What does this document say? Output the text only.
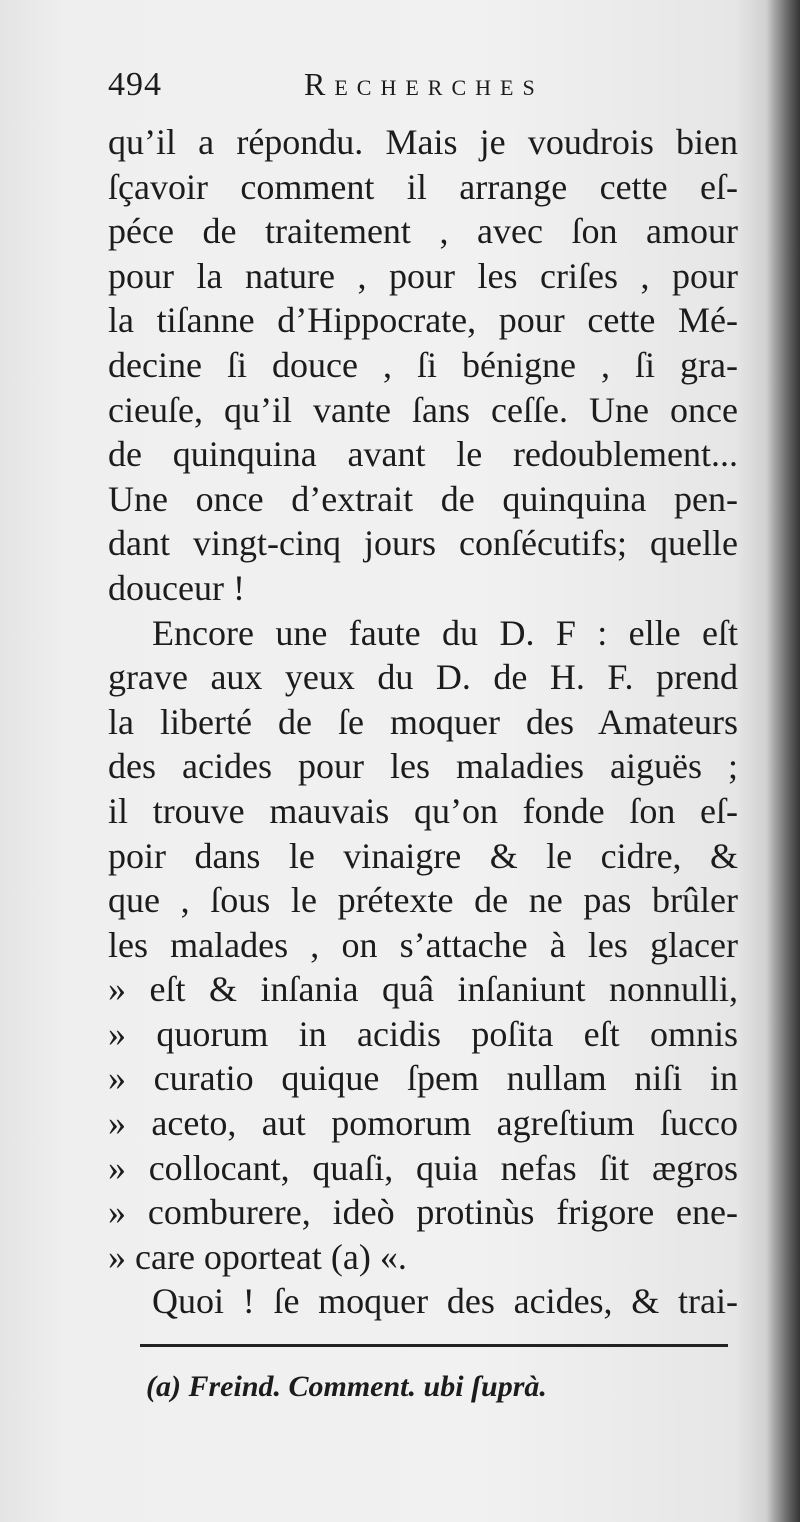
494	Recherches
qu’il a répondu. Mais je voudrois bien
ſçavoir comment il arrange cette eſ-
péce de traitement , avec ſon amour
pour la nature , pour les criſes , pour
la tiſanne d’Hippocrate, pour cette Mé-
decine ſi douce , ſi bénigne , ſi gra-
cieuſe, qu’il vante ſans ceſſe. Une once
de quinquina avant le redoublement...
Une once d’extrait de quinquina pen-
dant vingt-cinq jours conſécutifs; quelle
douceur !
Encore une faute du D. F : elle eſt
grave aux yeux du D. de H. F. prend
la liberté de ſe moquer des Amateurs
des acides pour les maladies aiguës ;
il trouve mauvais qu’on fonde ſon eſ-
poir dans le vinaigre & le cidre, &
que , ſous le prétexte de ne pas brûler
les malades , on s’attache à les glacer
» eſt & inſania quâ inſaniunt nonnulli,
» quorum in acidis poſita eſt omnis
» curatio quique ſpem nullam niſi in
» aceto, aut pomorum agreſtium ſucco
» collocant, quaſi, quia nefas ſit ægros
» comburere, ideò protinùs frigore ene-
» care oporteat (a) «.
Quoi ! ſe moquer des acides, & trai-
(a) Freind. Comment. ubi ſuprà.
